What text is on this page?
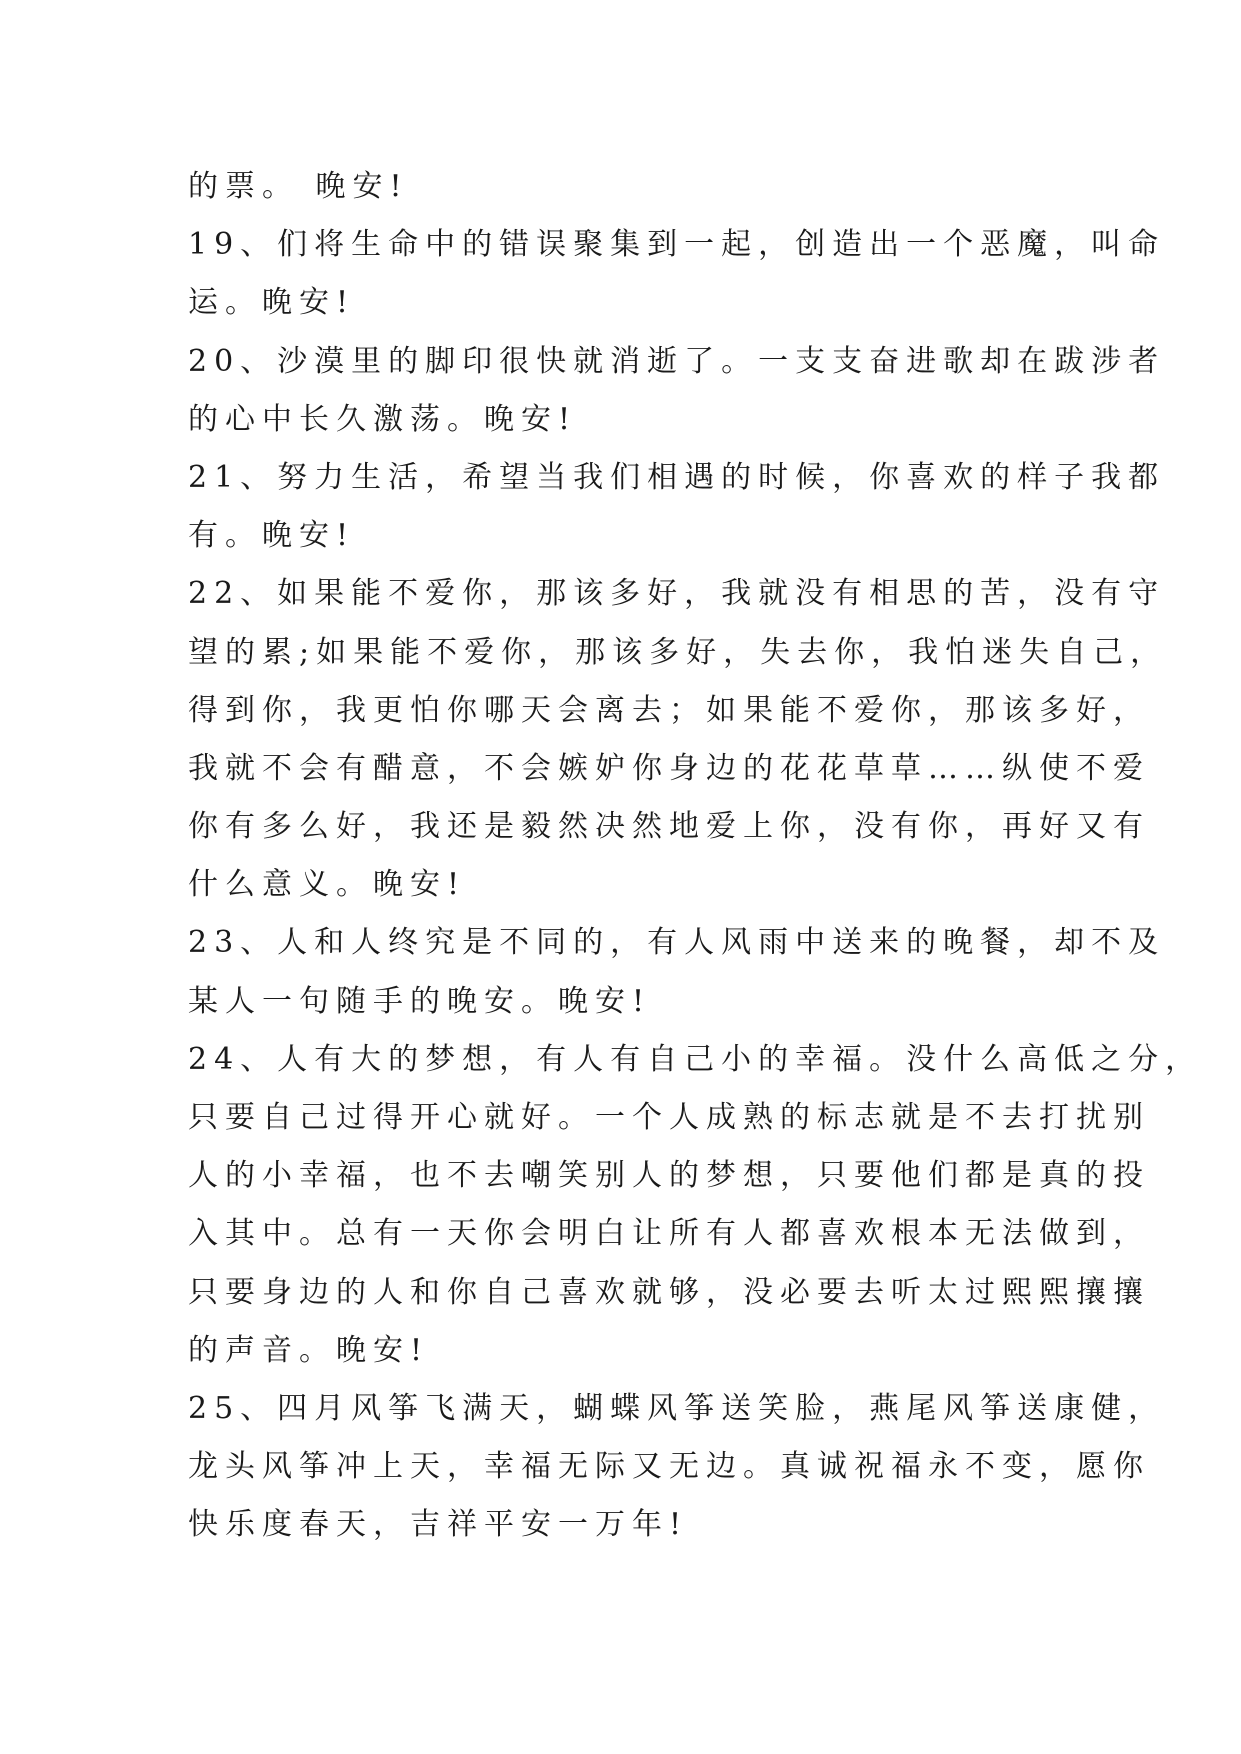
的票。 晚安!
19、们将生命中的错误聚集到一起，创造出一个恶魔，叫命
运。晚安!
20、沙漠里的脚印很快就消逝了。一支支奋进歌却在跋涉者
的心中长久激荡。晚安!
21、努力生活，希望当我们相遇的时候，你喜欢的样子我都
有。晚安!
22、如果能不爱你，那该多好，我就没有相思的苦，没有守
望的累;如果能不爱你，那该多好，失去你，我怕迷失自己，
得到你，我更怕你哪天会离去；如果能不爱你，那该多好，
我就不会有醋意，不会嫉妒你身边的花花草草……纵使不爱
你有多么好，我还是毅然决然地爱上你，没有你，再好又有
什么意义。晚安!
23、人和人终究是不同的，有人风雨中送来的晚餐，却不及
某人一句随手的晚安。晚安!
24、人有大的梦想，有人有自己小的幸福。没什么高低之分，
只要自己过得开心就好。一个人成熟的标志就是不去打扰别
人的小幸福，也不去嘲笑别人的梦想，只要他们都是真的投
入其中。总有一天你会明白让所有人都喜欢根本无法做到，
只要身边的人和你自己喜欢就够，没必要去听太过熙熙攘攘
的声音。晚安!
25、四月风筝飞满天，蝴蝶风筝送笑脸，燕尾风筝送康健，
龙头风筝冲上天，幸福无际又无边。真诚祝福永不变，愿你
快乐度春天，吉祥平安一万年!
